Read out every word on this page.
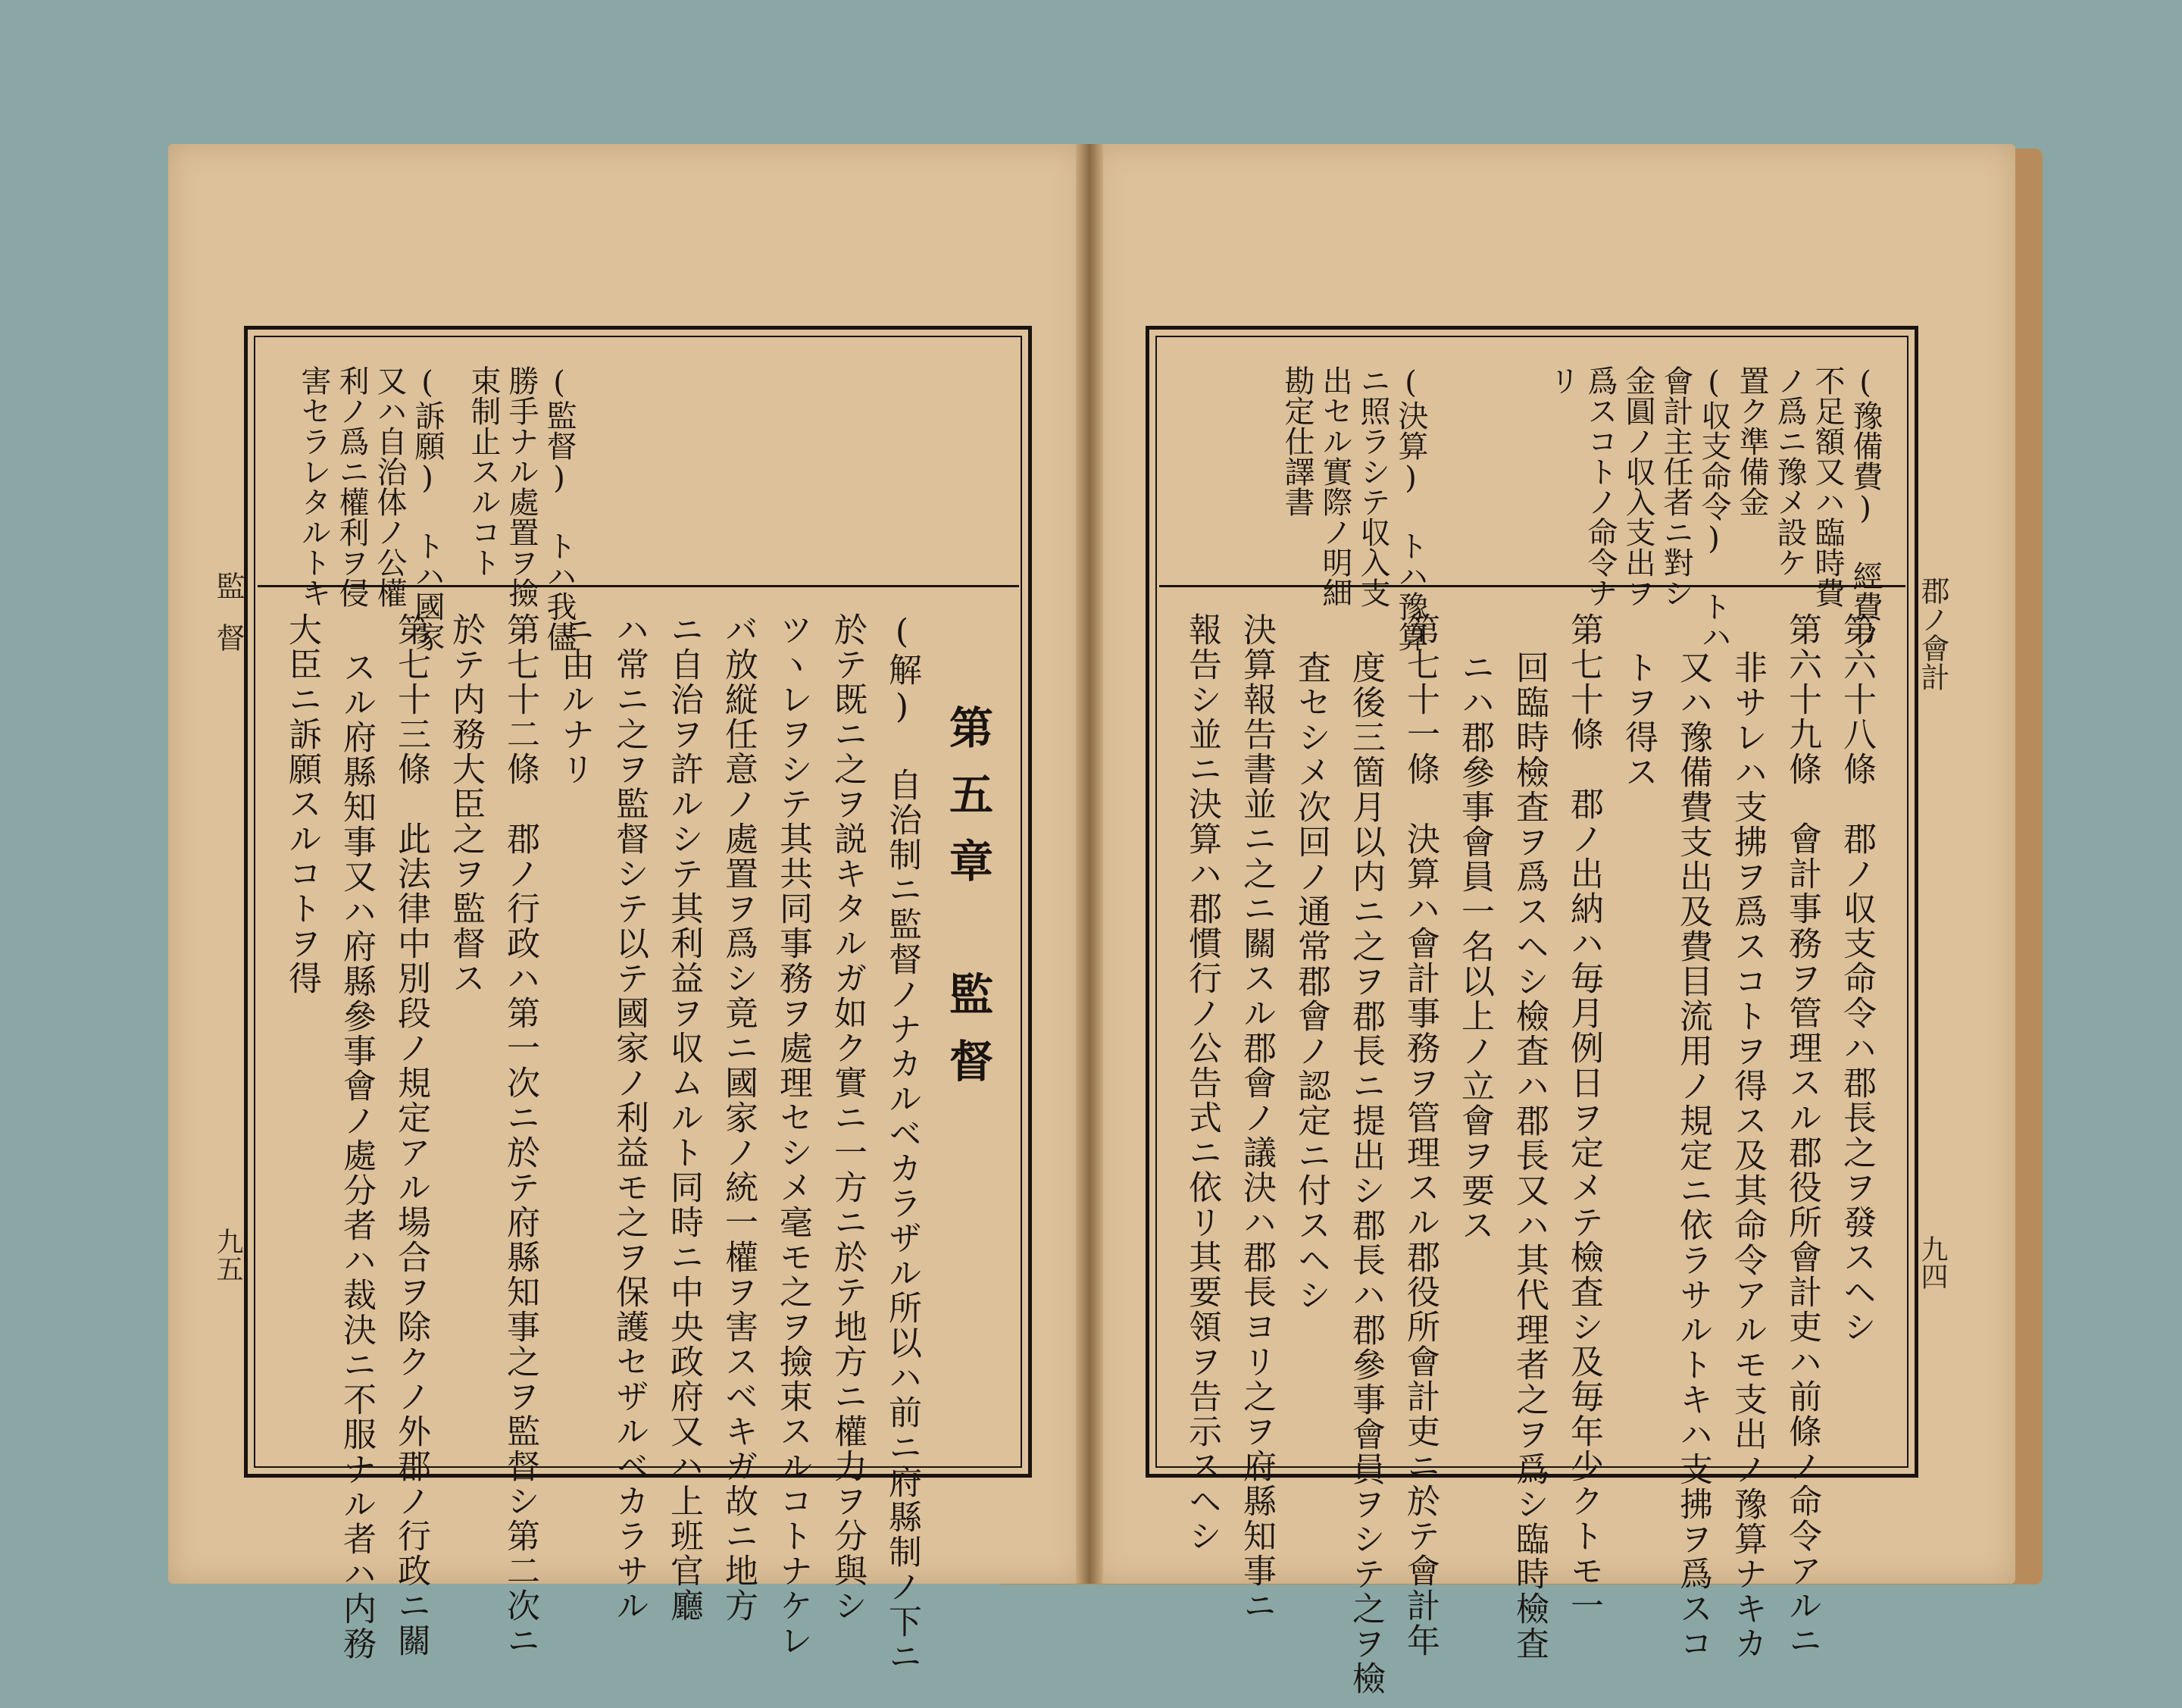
郡ノ會計
九四
監督
九五
(豫備費) 經費ノ
不足額又ハ臨時費
ノ爲ニ豫メ設ケ
置ク準備金
(収支命令) トハ
會計主任者ニ對シ
金圓ノ収入支出ヲ
爲スコトノ命令ナ
リ
(決算) トハ豫算
ニ照ラシテ収入支
出セル實際ノ明細
勘定仕譯書
第六十八條　郡ノ収支命令ハ郡長之ヲ發スヘシ
第六十九條　會計事務ヲ管理スル郡役所會計吏ハ前條ノ命令アルニ
非サレハ支拂ヲ爲スコトヲ得ス及其命令アルモ支出ノ豫算ナキカ
又ハ豫備費支出及費目流用ノ規定ニ依ラサルトキハ支拂ヲ爲スコ
トヲ得ス
第七十條　郡ノ出納ハ毎月例日ヲ定メテ檢査シ及毎年少クトモ一
回臨時檢査ヲ爲スヘシ檢査ハ郡長又ハ其代理者之ヲ爲シ臨時檢査
ニハ郡參事會員一名以上ノ立會ヲ要ス
第七十一條　決算ハ會計事務ヲ管理スル郡役所會計吏ニ於テ會計年
度後三箇月以内ニ之ヲ郡長ニ提出シ郡長ハ郡參事會員ヲシテ之ヲ檢
査セシメ次回ノ通常郡會ノ認定ニ付スヘシ
決算報告書並ニ之ニ關スル郡會ノ議決ハ郡長ヨリ之ヲ府縣知事ニ
報告シ並ニ決算ハ郡慣行ノ公告式ニ依リ其要領ヲ告示スヘシ
(監督) トハ我儘
勝手ナル處置ヲ撿
束制止スルコト
(訴願) トハ國家
又ハ自治体ノ公權
利ノ爲ニ權利ヲ侵
害セラレタルトキ
第五章　監督
(解) 自治制ニ監督ノナカルベカラザル所以ハ前ニ府縣制ノ下ニ
於テ既ニ之ヲ説キタルガ如ク實ニ一方ニ於テ地方ニ權力ヲ分與シ
ツヽレヲシテ其共同事務ヲ處理セシメ毫モ之ヲ撿束スルコトナケレ
バ放縦任意ノ處置ヲ爲シ竟ニ國家ノ統一權ヲ害スベキガ故ニ地方
ニ自治ヲ許ルシテ其利益ヲ収ムルト同時ニ中央政府又ハ上班官廳
ハ常ニ之ヲ監督シテ以テ國家ノ利益モ之ヲ保護セザルベカラサル
ニ由ルナリ
第七十二條　郡ノ行政ハ第一次ニ於テ府縣知事之ヲ監督シ第二次ニ
於テ内務大臣之ヲ監督ス
第七十三條　此法律中別段ノ規定アル場合ヲ除クノ外郡ノ行政ニ關
スル府縣知事又ハ府縣參事會ノ處分者ハ裁決ニ不服ナル者ハ内務
大臣ニ訴願スルコトヲ得
